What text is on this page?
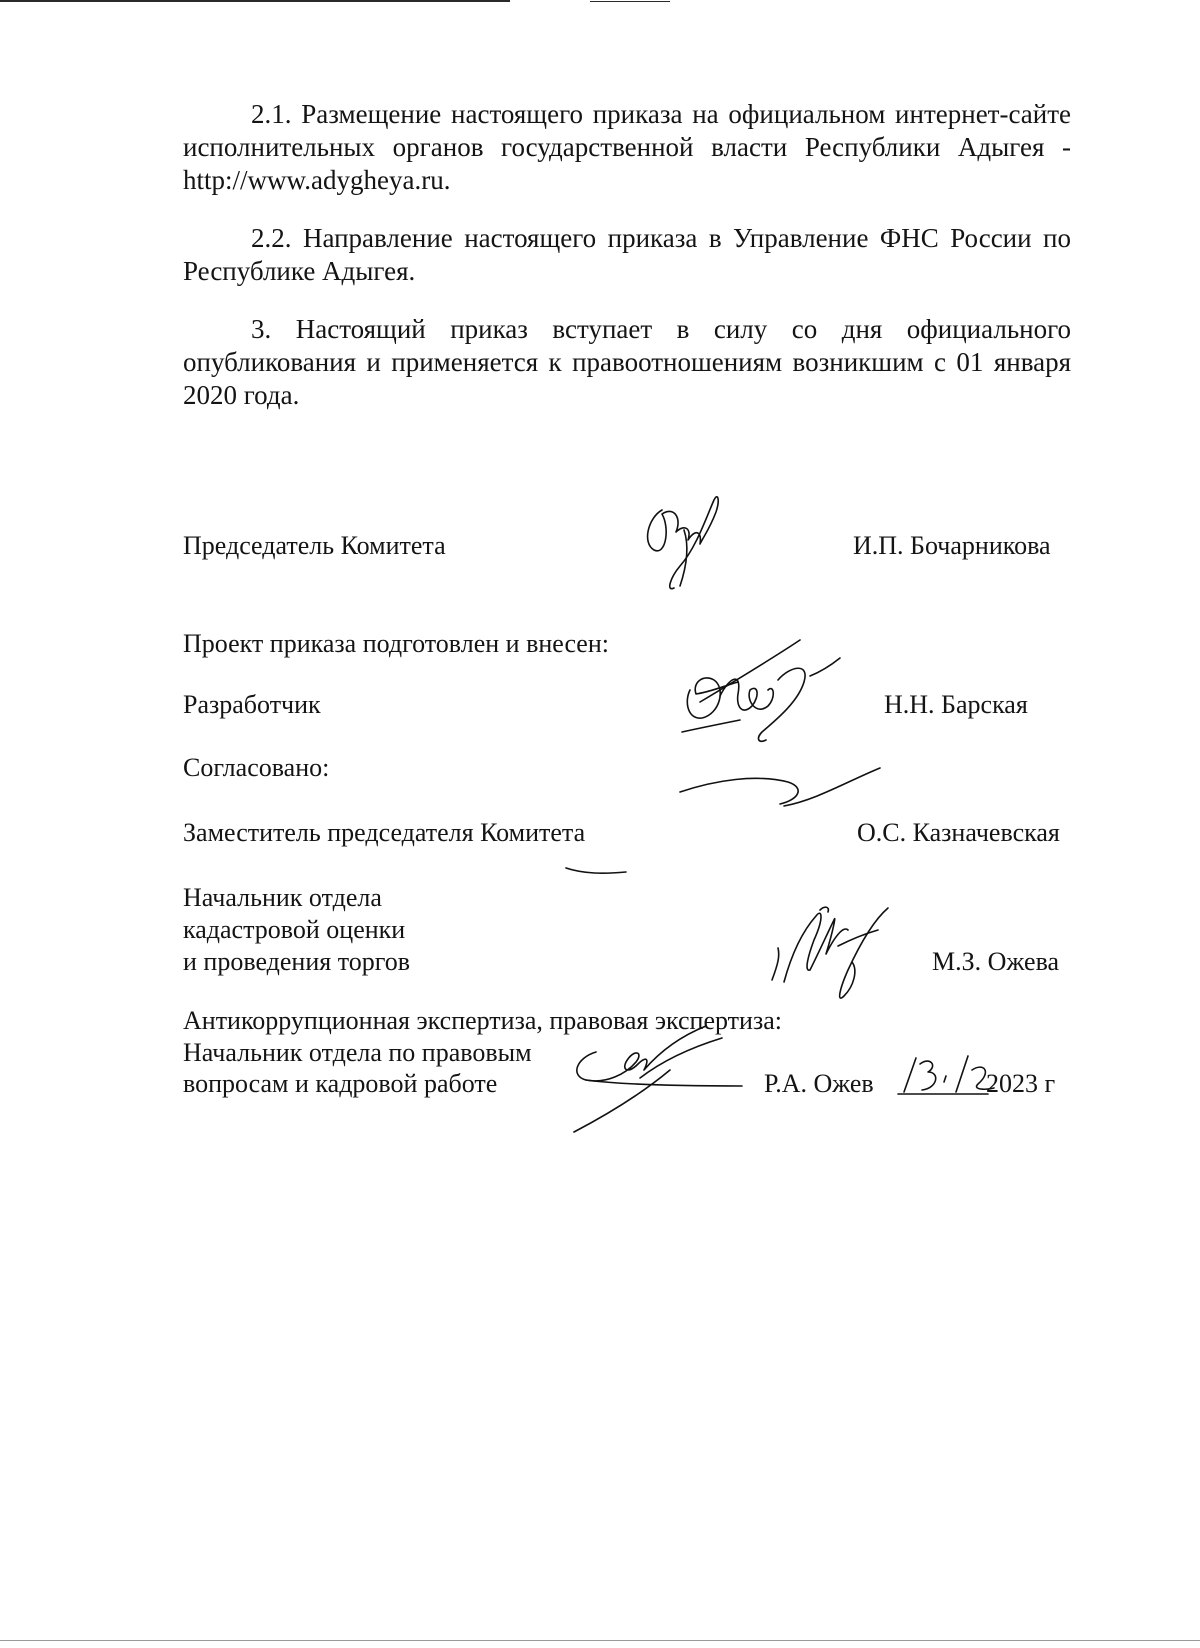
2.1. Размещение настоящего приказа на официальном интернет-сайте исполнительных органов государственной власти Республики Адыгея - http://www.adygheya.ru.

2.2. Направление настоящего приказа в Управление ФНС России по Республике Адыгея.

3. Настоящий приказ вступает в силу со дня официального опубликования и применяется к правоотношениям возникшим с 01 января 2020 года.

Председатель Комитета	И.П. Бочарникова
Проект приказа подготовлен и внесен:
Разработчик	Н.Н. Барская
Согласовано:
Заместитель председателя Комитета	О.С. Казначевская
Начальник отдела
кадастровой оценки
и проведения торгов	М.З. Ожева
Антикоррупционная экспертиза, правовая экспертиза:
Начальник отдела по правовым
вопросам и кадровой работе	Р.А. Ожев	2023 г
